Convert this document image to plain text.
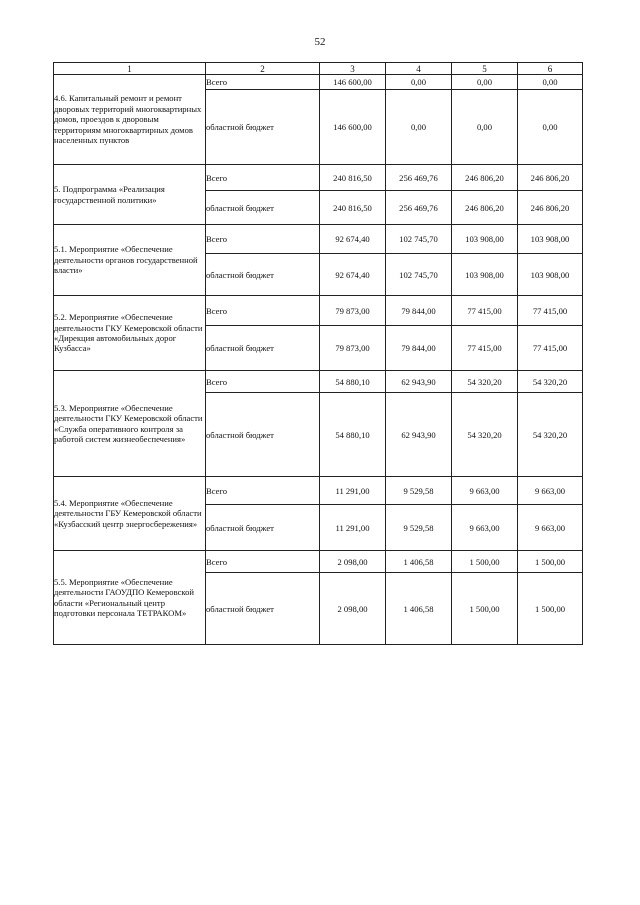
52
1	2	3	4	5	6
4.6. Капитальный ремонт и ремонт дворовых территорий многоквартирных домов, проездов к дворовым территориям многоквартирных домов населенных пунктов	Всего	146 600,00	0,00	0,00	0,00
	областной бюджет	146 600,00	0,00	0,00	0,00
5. Подпрограмма «Реализация государственной политики»	Всего	240 816,50	256 469,76	246 806,20	246 806,20
	областной бюджет	240 816,50	256 469,76	246 806,20	246 806,20
5.1. Мероприятие «Обеспечение деятельности органов государственной власти»	Всего	92 674,40	102 745,70	103 908,00	103 908,00
	областной бюджет	92 674,40	102 745,70	103 908,00	103 908,00
5.2. Мероприятие «Обеспечение деятельности ГКУ Кемеровской области «Дирекция автомобильных дорог Кузбасса»	Всего	79 873,00	79 844,00	77 415,00	77 415,00
	областной бюджет	79 873,00	79 844,00	77 415,00	77 415,00
5.3. Мероприятие «Обеспечение деятельности ГКУ Кемеровской области «Служба оперативного контроля за работой систем жизнеобеспечения»	Всего	54 880,10	62 943,90	54 320,20	54 320,20
	областной бюджет	54 880,10	62 943,90	54 320,20	54 320,20
5.4. Мероприятие «Обеспечение деятельности ГБУ Кемеровской области «Кузбасский центр энергосбережения»	Всего	11 291,00	9 529,58	9 663,00	9 663,00
	областной бюджет	11 291,00	9 529,58	9 663,00	9 663,00
5.5. Мероприятие «Обеспечение деятельности ГАОУДПО Кемеровской области «Региональный центр подготовки персонала ТЕТРАКОМ»	Всего	2 098,00	1 406,58	1 500,00	1 500,00
	областной бюджет	2 098,00	1 406,58	1 500,00	1 500,00
